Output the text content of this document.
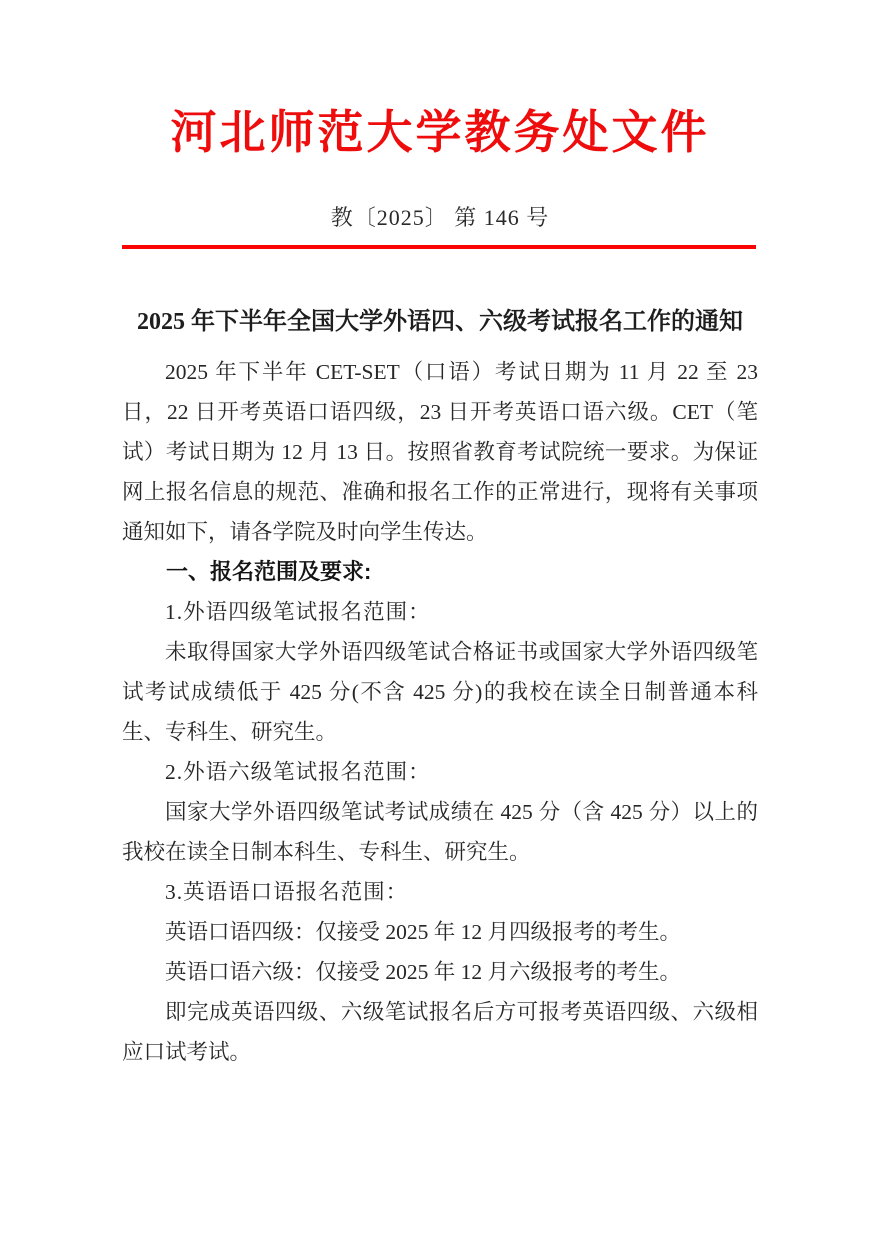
河北师范大学教务处文件
教〔2025〕 第 146 号
2025 年下半年全国大学外语四、六级考试报名工作的通知

2025 年下半年 CET-SET（口语）考试日期为 11 月 22 至 23 日，22 日开考英语口语四级，23 日开考英语口语六级。CET（笔试）考试日期为 12 月 13 日。按照省教育考试院统一要求。为保证网上报名信息的规范、准确和报名工作的正常进行，现将有关事项通知如下，请各学院及时向学生传达。

一、报名范围及要求:

1.外语四级笔试报名范围：

未取得国家大学外语四级笔试合格证书或国家大学外语四级笔试考试成绩低于 425 分(不含 425 分)的我校在读全日制普通本科生、专科生、研究生。

2.外语六级笔试报名范围：

国家大学外语四级笔试考试成绩在 425 分（含 425 分）以上的我校在读全日制本科生、专科生、研究生。

3.英语语口语报名范围：

英语口语四级：仅接受 2025 年 12 月四级报考的考生。

英语口语六级：仅接受 2025 年 12 月六级报考的考生。

即完成英语四级、六级笔试报名后方可报考英语四级、六级相应口试考试。
